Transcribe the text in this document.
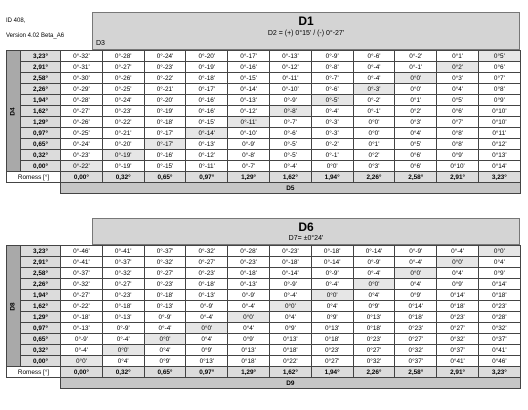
ID 408,
Version 4.02 Beta_A6
D1
D2 = (+) 0°15' / (-) 0°-27'
D3
D4	3,23°	0°-32'	0°-28'	0°-24'	0°-20'	0°-17'	0°-13'	0°-9'	0°-6'	0°-2'	0°1'	0°5'
	2,91°	0°-31'	0°-27'	0°-23'	0°-19'	0°-16'	0°-12'	0°-8'	0°-4'	0°-1'	0°2'	0°6'
	2,58°	0°-30'	0°-26'	0°-22'	0°-18'	0°-15'	0°-11'	0°-7'	0°-4'	0°0'	0°3'	0°7'
	2,26°	0°-29'	0°-25'	0°-21'	0°-17'	0°-14'	0°-10'	0°-6'	0°-3'	0°0'	0°4'	0°8'
	1,94°	0°-28'	0°-24'	0°-20'	0°-16'	0°-13'	0°-9'	0°-5'	0°-2'	0°1'	0°5'	0°9'
	1,62°	0°-27'	0°-23'	0°-19'	0°-16'	0°-12'	0°-8'	0°-4'	0°-1'	0°2'	0°6'	0°10'
	1,29°	0°-26'	0°-22'	0°-18'	0°-15'	0°-11'	0°-7'	0°-3'	0°0'	0°3'	0°7'	0°10'
	0,97°	0°-25'	0°-21'	0°-17'	0°-14'	0°-10'	0°-6'	0°-3'	0°0'	0°4'	0°8'	0°11'
	0,65°	0°-24'	0°-20'	0°-17'	0°-13'	0°-9'	0°-5'	0°-2'	0°1'	0°5'	0°8'	0°12'
	0,32°	0°-23'	0°-19'	0°-16'	0°-12'	0°-8'	0°-5'	0°-1'	0°2'	0°6'	0°9'	0°13'
	0,00°	0°-22'	0°-19'	0°-15'	0°-11'	0°-7'	0°-4'	0°0'	0°3'	0°6'	0°10'	0°14'
Romess [°]		0,00°	0,32°	0,65°	0,97°	1,29°	1,62°	1,94°	2,26°	2,58°	2,91°	3,23°
		D5										
D6
D7= ±0°24'
D8	3,23°	0°-46'	0°-41'	0°-37'	0°-32'	0°-28'	0°-23'	0°-18'	0°-14'	0°-9'	0°-4'	0°0'
	2,91°	0°-41'	0°-37'	0°-32'	0°-27'	0°-23'	0°-18'	0°-14'	0°-9'	0°-4'	0°0'	0°4'
	2,58°	0°-37'	0°-32'	0°-27'	0°-23'	0°-18'	0°-14'	0°-9'	0°-4'	0°0'	0°4'	0°9'
	2,26°	0°-32'	0°-27'	0°-23'	0°-18'	0°-13'	0°-9'	0°-4'	0°0'	0°4'	0°9'	0°14'
	1,94°	0°-27'	0°-23'	0°-18'	0°-13'	0°-9'	0°-4'	0°0'	0°4'	0°9'	0°14'	0°18'
	1,62°	0°-22'	0°-18'	0°-13'	0°-9'	0°-4'	0°0'	0°4'	0°9'	0°14'	0°18'	0°23'
	1,29°	0°-18'	0°-13'	0°-9'	0°-4'	0°0'	0°4'	0°9'	0°13'	0°18'	0°23'	0°28'
	0,97°	0°-13'	0°-9'	0°-4'	0°0'	0°4'	0°9'	0°13'	0°18'	0°23'	0°27'	0°32'
	0,65°	0°-9'	0°-4'	0°0'	0°4'	0°9'	0°13'	0°18'	0°23'	0°27'	0°32'	0°37'
	0,32°	0°-4'	0°0'	0°4'	0°9'	0°13'	0°18'	0°23'	0°27'	0°32'	0°37'	0°41'
	0,00°	0°0'	0°4'	0°9'	0°13'	0°18'	0°22'	0°27'	0°32'	0°37'	0°41'	0°46'
Romess [°]		0,00°	0,32°	0,65°	0,97°	1,29°	1,62°	1,94°	2,26°	2,58°	2,91°	3,23°
		D9										
